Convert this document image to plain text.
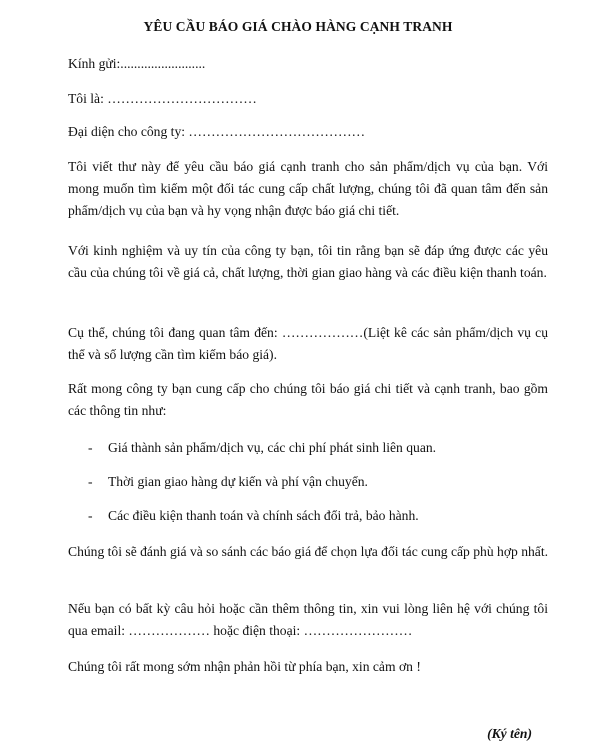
YÊU CẦU BÁO GIÁ CHÀO HÀNG CẠNH TRANH
Kính gửi:.........................
Tôi là: ……………………………
Đại diện cho công ty: …………………………………
Tôi viết thư này để yêu cầu báo giá cạnh tranh cho sản phẩm/dịch vụ của bạn. Với mong muốn tìm kiếm một đối tác cung cấp chất lượng, chúng tôi đã quan tâm đến sản phẩm/dịch vụ của bạn và hy vọng nhận được báo giá chi tiết.
Với kinh nghiệm và uy tín của công ty bạn, tôi tin rằng bạn sẽ đáp ứng được các yêu cầu của chúng tôi về giá cả, chất lượng, thời gian giao hàng và các điều kiện thanh toán.
Cụ thể, chúng tôi đang quan tâm đến: ………………(Liệt kê các sản phẩm/dịch vụ cụ thể và số lượng cần tìm kiếm báo giá).
Rất mong công ty bạn cung cấp cho chúng tôi báo giá chi tiết và cạnh tranh, bao gồm các thông tin như:
- Giá thành sản phẩm/dịch vụ, các chi phí phát sinh liên quan.
- Thời gian giao hàng dự kiến và phí vận chuyển.
- Các điều kiện thanh toán và chính sách đổi trả, bảo hành.
Chúng tôi sẽ đánh giá và so sánh các báo giá để chọn lựa đối tác cung cấp phù hợp nhất.
Nếu bạn có bất kỳ câu hỏi hoặc cần thêm thông tin, xin vui lòng liên hệ với chúng tôi qua email: ……………… hoặc điện thoại: ……………………
Chúng tôi rất mong sớm nhận phản hồi từ phía bạn, xin cảm ơn !
(Ký tên)
